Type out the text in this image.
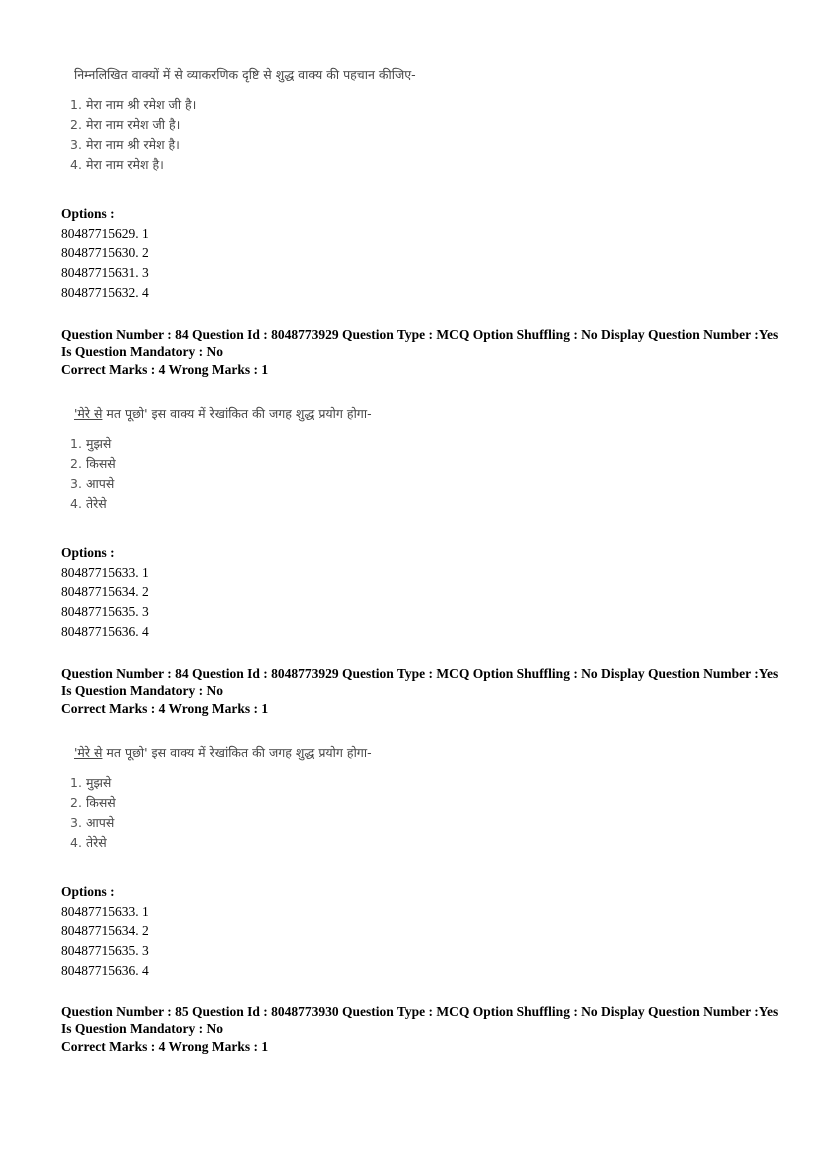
निम्नलिखित वाक्यों में से व्याकरणिक दृष्टि से शुद्ध वाक्य की पहचान कीजिए-

1. मेरा नाम श्री रमेश जी है।
2. मेरा नाम रमेश जी है।
3. मेरा नाम श्री रमेश है।
4. मेरा नाम रमेश है।
Options :
80487715629. 1
80487715630. 2
80487715631. 3
80487715632. 4
Question Number : 84 Question Id : 8048773929 Question Type : MCQ Option Shuffling : No Display Question Number : Yes
Is Question Mandatory : No
Correct Marks : 4 Wrong Marks : 1

'मेरे से मत पूछो' इस वाक्य में रेखांकित की जगह शुद्ध प्रयोग होगा-

1. मुझसे
2. किससे
3. आपसे
4. तेरेसे
Options :
80487715633. 1
80487715634. 2
80487715635. 3
80487715636. 4
Question Number : 84 Question Id : 8048773929 Question Type : MCQ Option Shuffling : No Display Question Number : Yes
Is Question Mandatory : No
Correct Marks : 4 Wrong Marks : 1

'मेरे से मत पूछो' इस वाक्य में रेखांकित की जगह शुद्ध प्रयोग होगा-

1. मुझसे
2. किससे
3. आपसे
4. तेरेसे
Options :
80487715633. 1
80487715634. 2
80487715635. 3
80487715636. 4
Question Number : 85 Question Id : 8048773930 Question Type : MCQ Option Shuffling : No Display Question Number : Yes
Is Question Mandatory : No
Correct Marks : 4 Wrong Marks : 1
